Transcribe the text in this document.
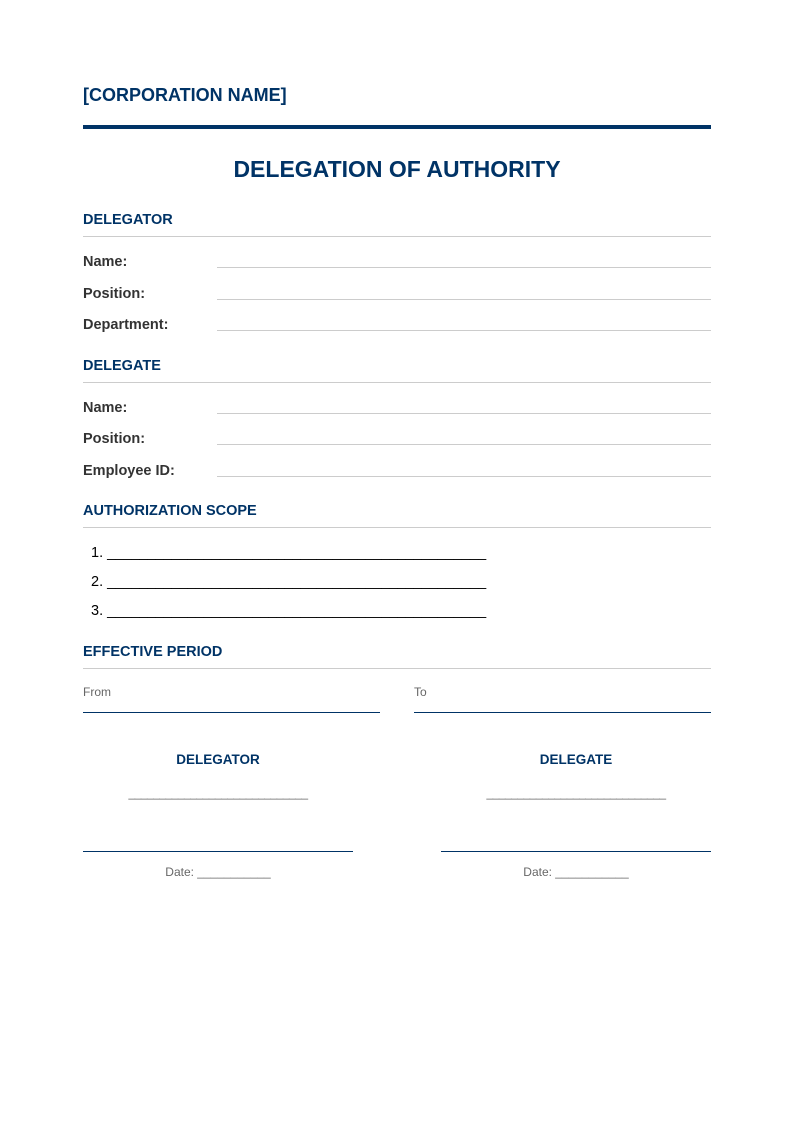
[CORPORATION NAME]
DELEGATION OF AUTHORITY
DELEGATOR
Name:
Position:
Department:
DELEGATE
Name:
Position:
Employee ID:
AUTHORIZATION SCOPE
1. _______________________________________________
2. _______________________________________________
3. _______________________________________________
EFFECTIVE PERIOD
From	To
DELEGATOR
_____________________________
Date: ___________
DELEGATE
_____________________________
Date: ___________
